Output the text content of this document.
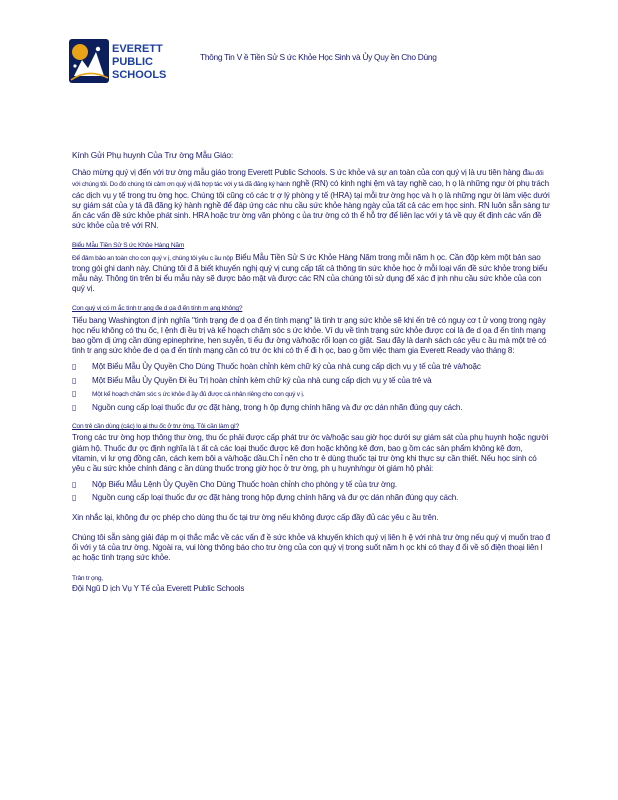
EVERETT
PUBLIC
SCHOOLS
Thông Tin V ề Tiền Sử S ức Khỏe Học Sinh và Ủy Quy ền Cho Dùng

Kính Gửi Phụ huynh Của Trư ờng Mẫu Giáo:

Chào mừng quý vị đến với trư ờng mẫu giáo trong Everett Public Schools. S ức khỏe và sự an toàn của con quý vị là ưu tiên hàng đầu đối với chúng tôi. Do đó chúng tôi cảm ơn quý vị đã hợp tác với y tá đã đăng ký hành nghề (RN) có kinh nghi ệm và tay nghề cao, h ọ là những ngư ời phụ trách các dịch vụ y tế trong tru ờng học. Chúng tôi cũng có các tr ợ lý phòng y tế (HRA) tại mỗi trư ờng học và h ọ là những ngư ời làm việc dưới sự giám sát của y tá đã đăng ký hành nghề để đáp ứng các nhu cầu sức khỏe hàng ngày của tất cả các em học sinh. RN luôn sẵn sàng tư ấn các vấn đề sức khỏe phát sinh. HRA hoặc trư ờng văn phòng c ủa trư ờng có th ể hỗ trợ để liên lạc với y tá về quy ết định các vấn đề sức khỏe của trẻ với RN.

Biểu Mẫu Tiền Sử S ức Khỏe Hàng Năm

Để đảm bảo an toàn cho con quý v ị, chúng tôi yêu c ầu nộp Biểu Mẫu Tiền Sử S ức Khỏe Hàng Năm trong mỗi năm h ọc. Cần độp kèm một bản sao trong gói ghi danh này. Chúng tôi đ ã biết khuyến nghị quý vị cung cấp tất cả thông tin sức khỏe học ở mỗi loại vấn đề sức khỏe trong biểu mẫu này. Thông tin trên bi ểu mẫu này sẽ được bảo mật và được các RN của chúng tôi sử dụng để xác đ ịnh nhu cầu sức khỏe của con quý vị.

Con quý vị có m ắc tình tr ạng đe d ọa đ ến tính m ạng không?

Tiểu bang Washington đ ịnh nghĩa "tình trạng đe d ọa đ ến tính mạng" là tình tr ạng sức khỏe sẽ khi ến trẻ có nguy cơ t ử vong trong ngày học nếu không có thu ốc, l ệnh đi ều trị và kế hoạch chăm sóc s ức khỏe. Ví dụ về tình trạng sức khỏe được coi là đe d ọa đ ến tính mạng bao gồm dị ứng cần dùng epinephrine, hen suyễn, ti ểu đư ờng và/hoặc rối loạn co giật. Sau đây là danh sách các yêu c ầu mà một trẻ có tình tr ạng sức khỏe đe d ọa đ ến tính mạng cần có trư ớc khi có th ể đi h ọc, bao g ồm việc tham gia Everett Ready vào tháng 8:

▯ Một Biểu Mẫu Ủy Quyền Cho Dùng Thuốc hoàn chỉnh kèm chữ ký của nhà cung cấp dịch vụ y tế của trẻ và/hoặc
▯ Một Biểu Mẫu Ủy Quyền Đi ều Trị hoàn chỉnh kèm chữ ký của nhà cung cấp dịch vụ y tế của trẻ và
▯ Một kế hoạch chăm sóc s ức khỏe đ ầy đủ được cá nhân riêng cho con quý v ị.
▯ Nguồn cung cấp loại thuốc đư ợc đặt hàng, trong h ộp đựng chính hãng và đư ợc dán nhãn đúng quy cách.
Con trẻ cần dùng (các) lo ại thu ốc ở trư ờng. Tôi cần làm gì?

Trong các trư ờng hợp thông thư ờng, thu ốc phải được cấp phát trư ớc và/hoặc sau giờ học dưới sự giám sát của phụ huynh hoặc người giám hộ. Thuốc đư ợc định nghĩa là t ất cả các loại thuốc được kê đơn hoặc không kê đơn, bao g ồm các sản phẩm không kê đơn, vitamin, vi lư ợng đồng căn, cách kem bôi a và/hoặc dầu.Ch ỉ nên cho tr ẻ dùng thuốc tại trư ờng khi thực sự cần thiết. Nếu học sinh có yêu c ầu sức khỏe chính đáng c ần dùng thuốc trong giờ học ở trư ờng, ph ụ huynh/ngư ời giám hộ phải:

▯ Nộp Biểu Mẫu Lệnh Ủy Quyền Cho Dùng Thuốc hoàn chỉnh cho phòng y tế của trư ờng.
▯ Nguồn cung cấp loại thuốc đư ợc đặt hàng trong hộp đựng chính hãng và đư ợc dán nhãn đúng quy cách.

Xin nhắc lại, không đư ợc phép cho dùng thu ốc tại trư ờng nếu không được cấp đầy đủ các yêu c ầu trên.

Chúng tôi sẵn sàng giải đáp m ọi thắc mắc về các vấn đ ề sức khỏe và khuyến khích quý vị liên h ệ với nhà trư ờng nếu quý vị muốn trao đ ổi với y tá của trư ờng. Ngoài ra, vui lòng thông báo cho trư ờng của con quý vị trong suốt năm h ọc khi có thay đ ổi về số điện thoại liên l ạc hoặc tình trạng sức khỏe.

Trân tr ọng,

Đội Ngũ D ịch Vụ Y Tế của Everett Public Schools
